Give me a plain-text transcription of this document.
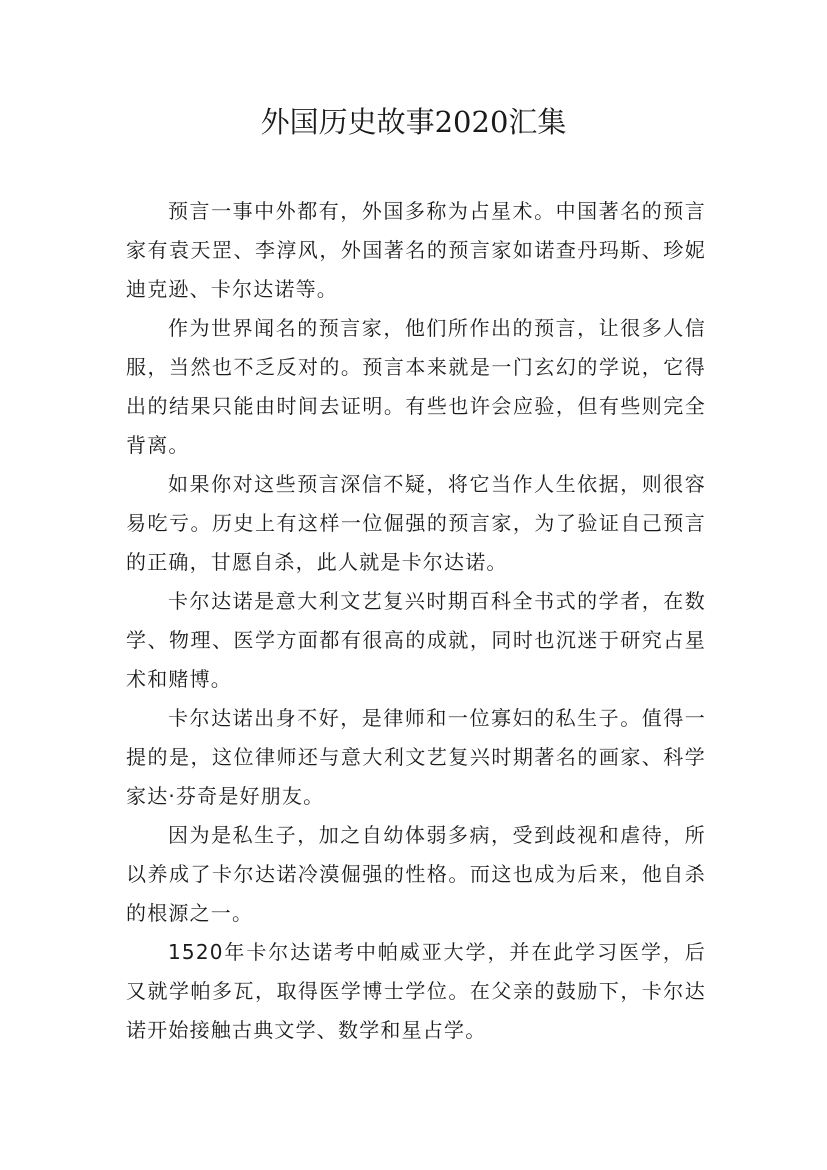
外国历史故事2020汇集

预言一事中外都有，外国多称为占星术。中国著名的预言家有袁天罡、李淳风，外国著名的预言家如诺查丹玛斯、珍妮迪克逊、卡尔达诺等。

作为世界闻名的预言家，他们所作出的预言，让很多人信服，当然也不乏反对的。预言本来就是一门玄幻的学说，它得出的结果只能由时间去证明。有些也许会应验，但有些则完全背离。

如果你对这些预言深信不疑，将它当作人生依据，则很容易吃亏。历史上有这样一位倔强的预言家，为了验证自己预言的正确，甘愿自杀，此人就是卡尔达诺。

卡尔达诺是意大利文艺复兴时期百科全书式的学者，在数学、物理、医学方面都有很高的成就，同时也沉迷于研究占星术和赌博。

卡尔达诺出身不好，是律师和一位寡妇的私生子。值得一提的是，这位律师还与意大利文艺复兴时期著名的画家、科学家达·芬奇是好朋友。

因为是私生子，加之自幼体弱多病，受到歧视和虐待，所以养成了卡尔达诺冷漠倔强的性格。而这也成为后来，他自杀的根源之一。

1520年卡尔达诺考中帕威亚大学，并在此学习医学，后又就学帕多瓦，取得医学博士学位。在父亲的鼓励下，卡尔达诺开始接触古典文学、数学和星占学。
